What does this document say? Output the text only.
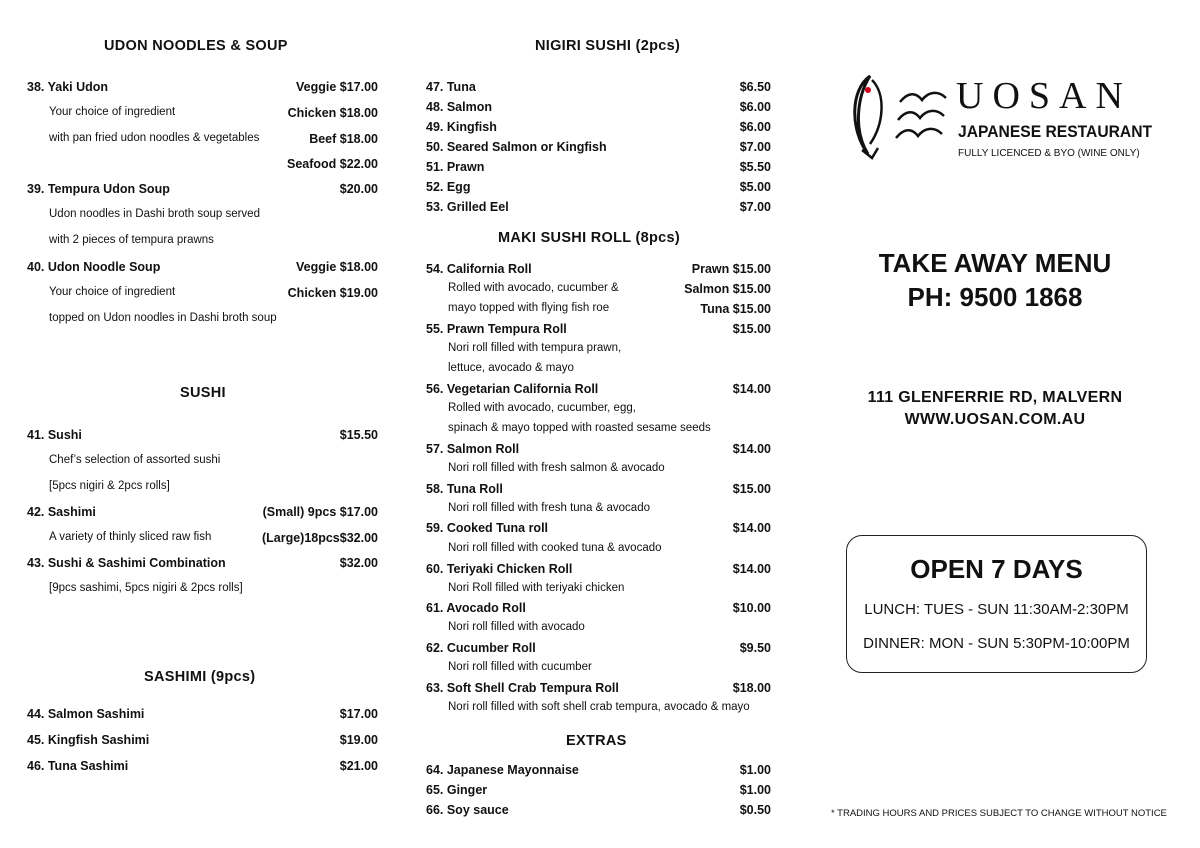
UDON NOODLES & SOUP
38. Yaki Udon	Veggie $17.00
Your choice of ingredient	Chicken $18.00
with pan fried udon noodles & vegetables	Beef $18.00
Seafood $22.00
39. Tempura Udon Soup	$20.00
Udon noodles in Dashi broth soup served
with 2 pieces of tempura prawns
40. Udon Noodle Soup	Veggie $18.00
Your choice of ingredient	Chicken $19.00
topped on Udon noodles in Dashi broth soup
SUSHI
41. Sushi	$15.50
Chef’s selection of assorted sushi
[5pcs nigiri & 2pcs rolls]
42. Sashimi	(Small) 9pcs $17.00
A variety of thinly sliced raw fish	(Large)18pcs$32.00
43. Sushi & Sashimi Combination	$32.00
[9pcs sashimi, 5pcs nigiri & 2pcs rolls]
SASHIMI (9pcs)
44. Salmon Sashimi	$17.00
45. Kingfish Sashimi	$19.00
46. Tuna Sashimi	$21.00
NIGIRI SUSHI (2pcs)
47. Tuna	$6.50
48. Salmon	$6.00
49. Kingfish	$6.00
50. Seared Salmon or Kingfish	$7.00
51. Prawn	$5.50
52. Egg	$5.00
53. Grilled Eel	$7.00
MAKI SUSHI ROLL (8pcs)
54. California Roll	Prawn $15.00
Rolled with avocado, cucumber &	Salmon $15.00
mayo topped with flying fish roe	Tuna $15.00
55. Prawn Tempura Roll	$15.00
Nori roll filled with tempura prawn,
lettuce, avocado & mayo
56. Vegetarian California Roll	$14.00
Rolled with avocado, cucumber, egg,
spinach & mayo topped with roasted sesame seeds
57. Salmon Roll	$14.00
Nori roll filled with fresh salmon & avocado
58. Tuna Roll	$15.00
Nori roll filled with fresh tuna & avocado
59. Cooked Tuna roll	$14.00
Nori roll filled with cooked tuna & avocado
60. Teriyaki Chicken Roll	$14.00
Nori Roll filled with teriyaki chicken
61. Avocado Roll	$10.00
Nori roll filled with avocado
62. Cucumber Roll	$9.50
Nori roll filled with cucumber
63. Soft Shell Crab Tempura Roll	$18.00
Nori roll filled with soft shell crab tempura, avocado & mayo
EXTRAS
64. Japanese Mayonnaise	$1.00
65. Ginger	$1.00
66. Soy sauce	$0.50
UOSAN
JAPANESE RESTAURANT
FULLY LICENCED & BYO (WINE ONLY)
TAKE AWAY MENU
PH: 9500 1868
111 GLENFERRIE RD, MALVERN
WWW.UOSAN.COM.AU
OPEN 7 DAYS
LUNCH: TUES - SUN 11:30AM-2:30PM
DINNER: MON - SUN 5:30PM-10:00PM
* TRADING HOURS AND PRICES SUBJECT TO CHANGE WITHOUT NOTICE
